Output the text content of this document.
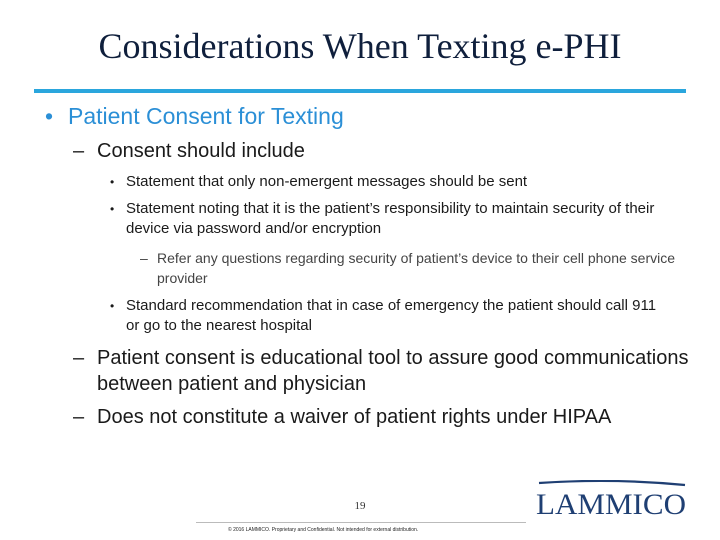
Considerations When Texting e-PHI
• Patient Consent for Texting
– Consent should include
• Statement that only non-emergent messages should be sent
• Statement noting that it is the patient’s responsibility to maintain security of their device via password and/or encryption
– Refer any questions regarding security of patient’s device to their cell phone service provider
• Standard recommendation that in case of emergency the patient should call 911 or go to the nearest hospital
– Patient consent is educational tool to assure good communications between patient and physician
– Does not constitute a waiver of patient rights under HIPAA
19
© 2016 LAMMICO. Proprietary and Confidential. Not intended for external distribution.
LAMMICO
